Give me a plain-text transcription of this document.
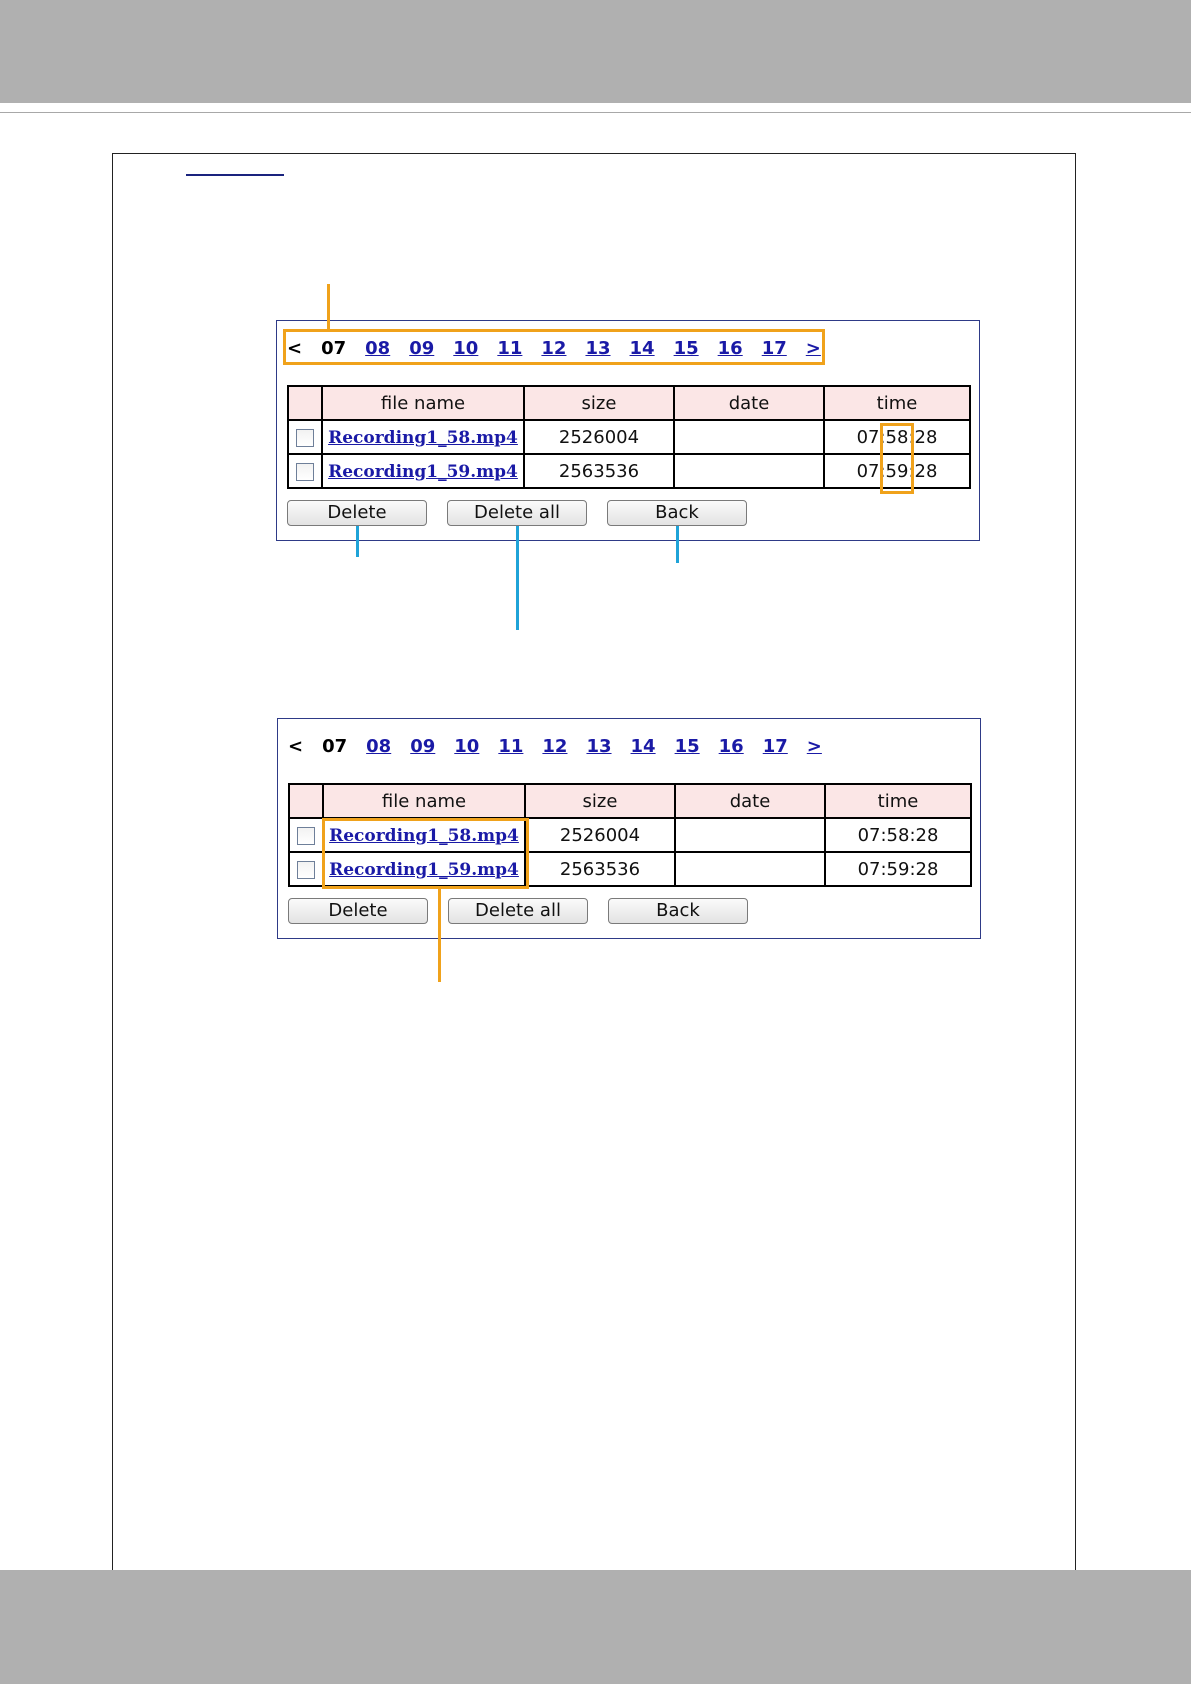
< 07 08 09 10 11 12 13 14 15 16 17 >
	file name	size	date	time
	Recording1_58.mp4	2526004		07:58:28
	Recording1_59.mp4	2563536		07:59:28
Delete	Delete all	Back
< 07 08 09 10 11 12 13 14 15 16 17 >
	file name	size	date	time
	Recording1_58.mp4	2526004		07:58:28
	Recording1_59.mp4	2563536		07:59:28
Delete	Delete all	Back
